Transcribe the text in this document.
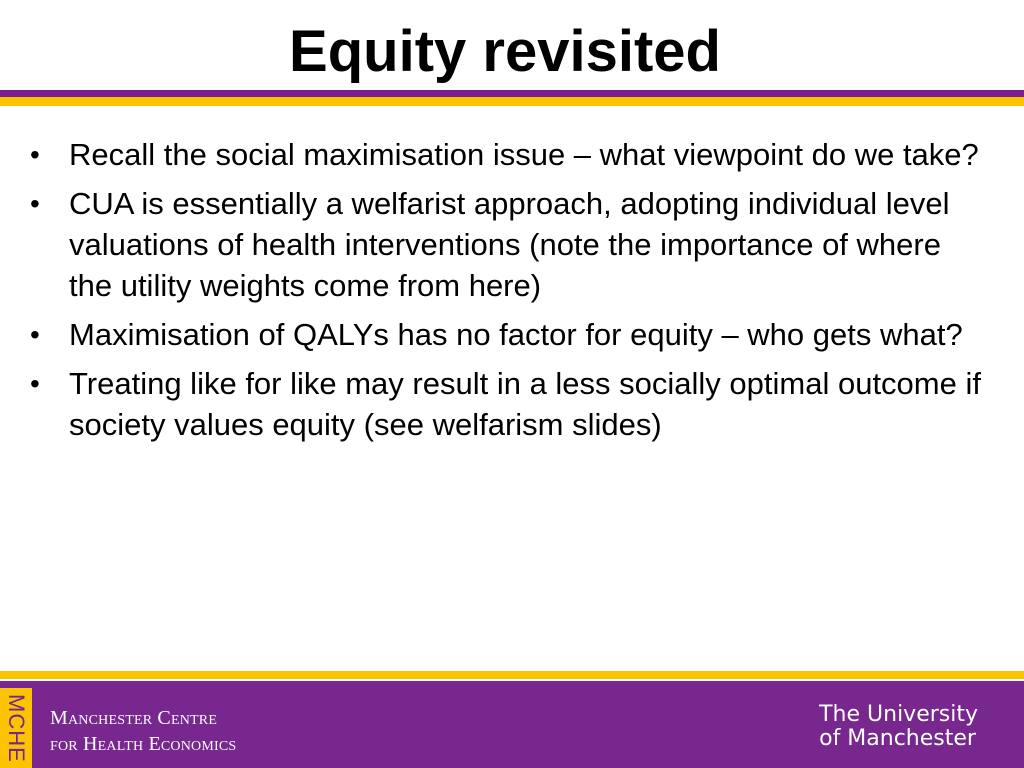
Equity revisited
• Recall the social maximisation issue – what viewpoint do we take?
• CUA is essentially a welfarist approach, adopting individual level valuations of health interventions (note the importance of where the utility weights come from here)
• Maximisation of QALYs has no factor for equity – who gets what?
• Treating like for like may result in a less socially optimal outcome if society values equity (see welfarism slides)
MCHE Manchester Centre
for Health Economics
The University
of Manchester
